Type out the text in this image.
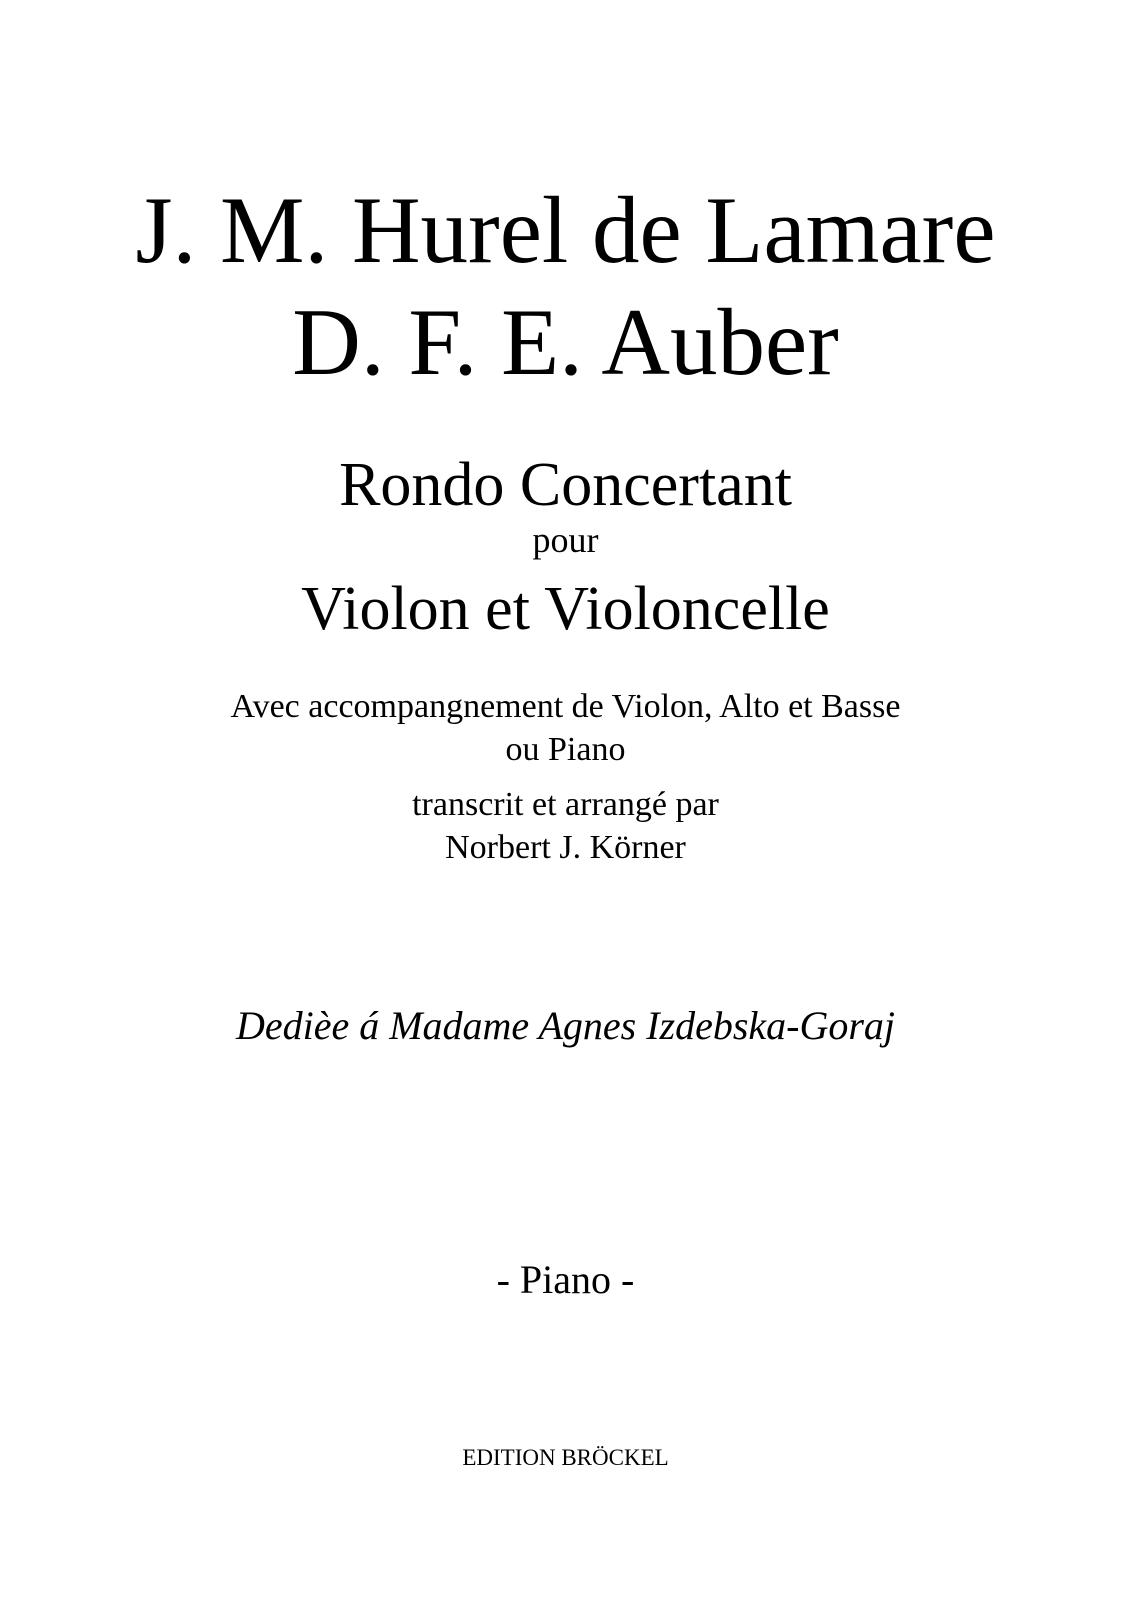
J. M. Hurel de Lamare
D. F. E. Auber
Rondo Concertant
pour
Violon et Violoncelle
Avec accompangnement de Violon, Alto et Basse
ou Piano
transcrit et arrangé par
Norbert J. Körner
Dediѐe á Madame Agnes Izdebska-Goraj
- Piano -
EDITION BRÖCKEL
